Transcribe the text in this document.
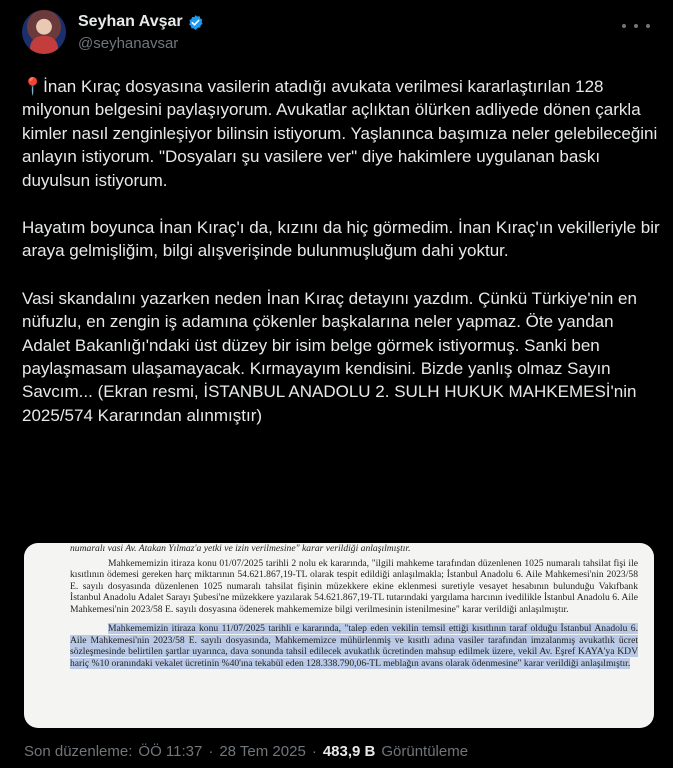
Seyhan Avşar
@seyhanavsar

📍İnan Kıraç dosyasına vasilerin atadığı avukata verilmesi kararlaştırılan 128 milyonun belgesini paylaşıyorum. Avukatlar açlıktan ölürken adliyede dönen çarkla kimler nasıl zenginleşiyor bilinsin istiyorum. Yaşlanınca başımıza neler gelebileceğini anlayın istiyorum. "Dosyaları şu vasilere ver" diye hakimlere uygulanan baskı duyulsun istiyorum.

Hayatım boyunca İnan Kıraç'ı da, kızını da hiç görmedim. İnan Kıraç'ın vekilleriyle bir araya gelmişliğim, bilgi alışverişinde bulunmuşluğum dahi yoktur.

Vasi skandalını yazarken neden İnan Kıraç detayını yazdım. Çünkü Türkiye'nin en nüfuzlu, en zengin iş adamına çökenler başkalarına neler yapmaz. Öte yandan Adalet Bakanlığı'ndaki üst düzey bir isim belge görmek istiyormuş. Sanki ben paylaşmasam ulaşamayacak. Kırmayayım kendisini. Bizde yanlış olmaz Sayın Savcım... (Ekran resmi, İSTANBUL ANADOLU 2. SULH HUKUK MAHKEMESİ'nin 2025/574 Kararından alınmıştır)

numaralı vasi Av. Atakan Yılmaz'a yetki ve izin verilmesine" karar verildiği anlaşılmıştır.

Mahkememizin itiraza konu 01/07/2025 tarihli 2 nolu ek kararında, "ilgili mahkeme tarafından düzenlenen 1025 numaralı tahsilat fişi ile kısıtlının ödemesi gereken harç miktarının 54.621.867,19-TL olarak tespit edildiği anlaşılmakla; İstanbul Anadolu 6. Aile Mahkemesi'nin 2023/58 E. sayılı dosyasında düzenlenen 1025 numaralı tahsilat fişinin müzekkere ekine eklenmesi suretiyle vesayet hesabının bulunduğu Vakıfbank İstanbul Anadolu Adalet Sarayı Şubesi'ne müzekkere yazılarak 54.621.867,19-TL tutarındaki yargılama harcının ivedilikle İstanbul Anadolu 6. Aile Mahkemesi'nin 2023/58 E. sayılı dosyasına ödenerek mahkememize bilgi verilmesinin istenilmesine" karar verildiği anlaşılmıştır.

Mahkememizin itiraza konu 11/07/2025 tarihli e kararında, "talep eden vekilin temsil ettiği kısıtlının taraf olduğu İstanbul Anadolu 6. Aile Mahkemesi'nin 2023/58 E. sayılı dosyasında, Mahkememizce mühürlenmiş ve kısıtlı adına vasiler tarafından imzalanmış avukatlık ücret sözleşmesinde belirtilen şartlar uyarınca, dava sonunda tahsil edilecek avukatlık ücretinden mahsup edilmek üzere, vekil Av. Eşref KAYA'ya KDV hariç %10 oranındaki vekalet ücretinin %40'ına tekabül eden 128.338.790,06-TL meblağın avans olarak ödenmesine" karar verildiği anlaşılmıştır.

Son düzenleme: ÖÖ 11:37 · 28 Tem 2025 · 483,9 B Görüntüleme
